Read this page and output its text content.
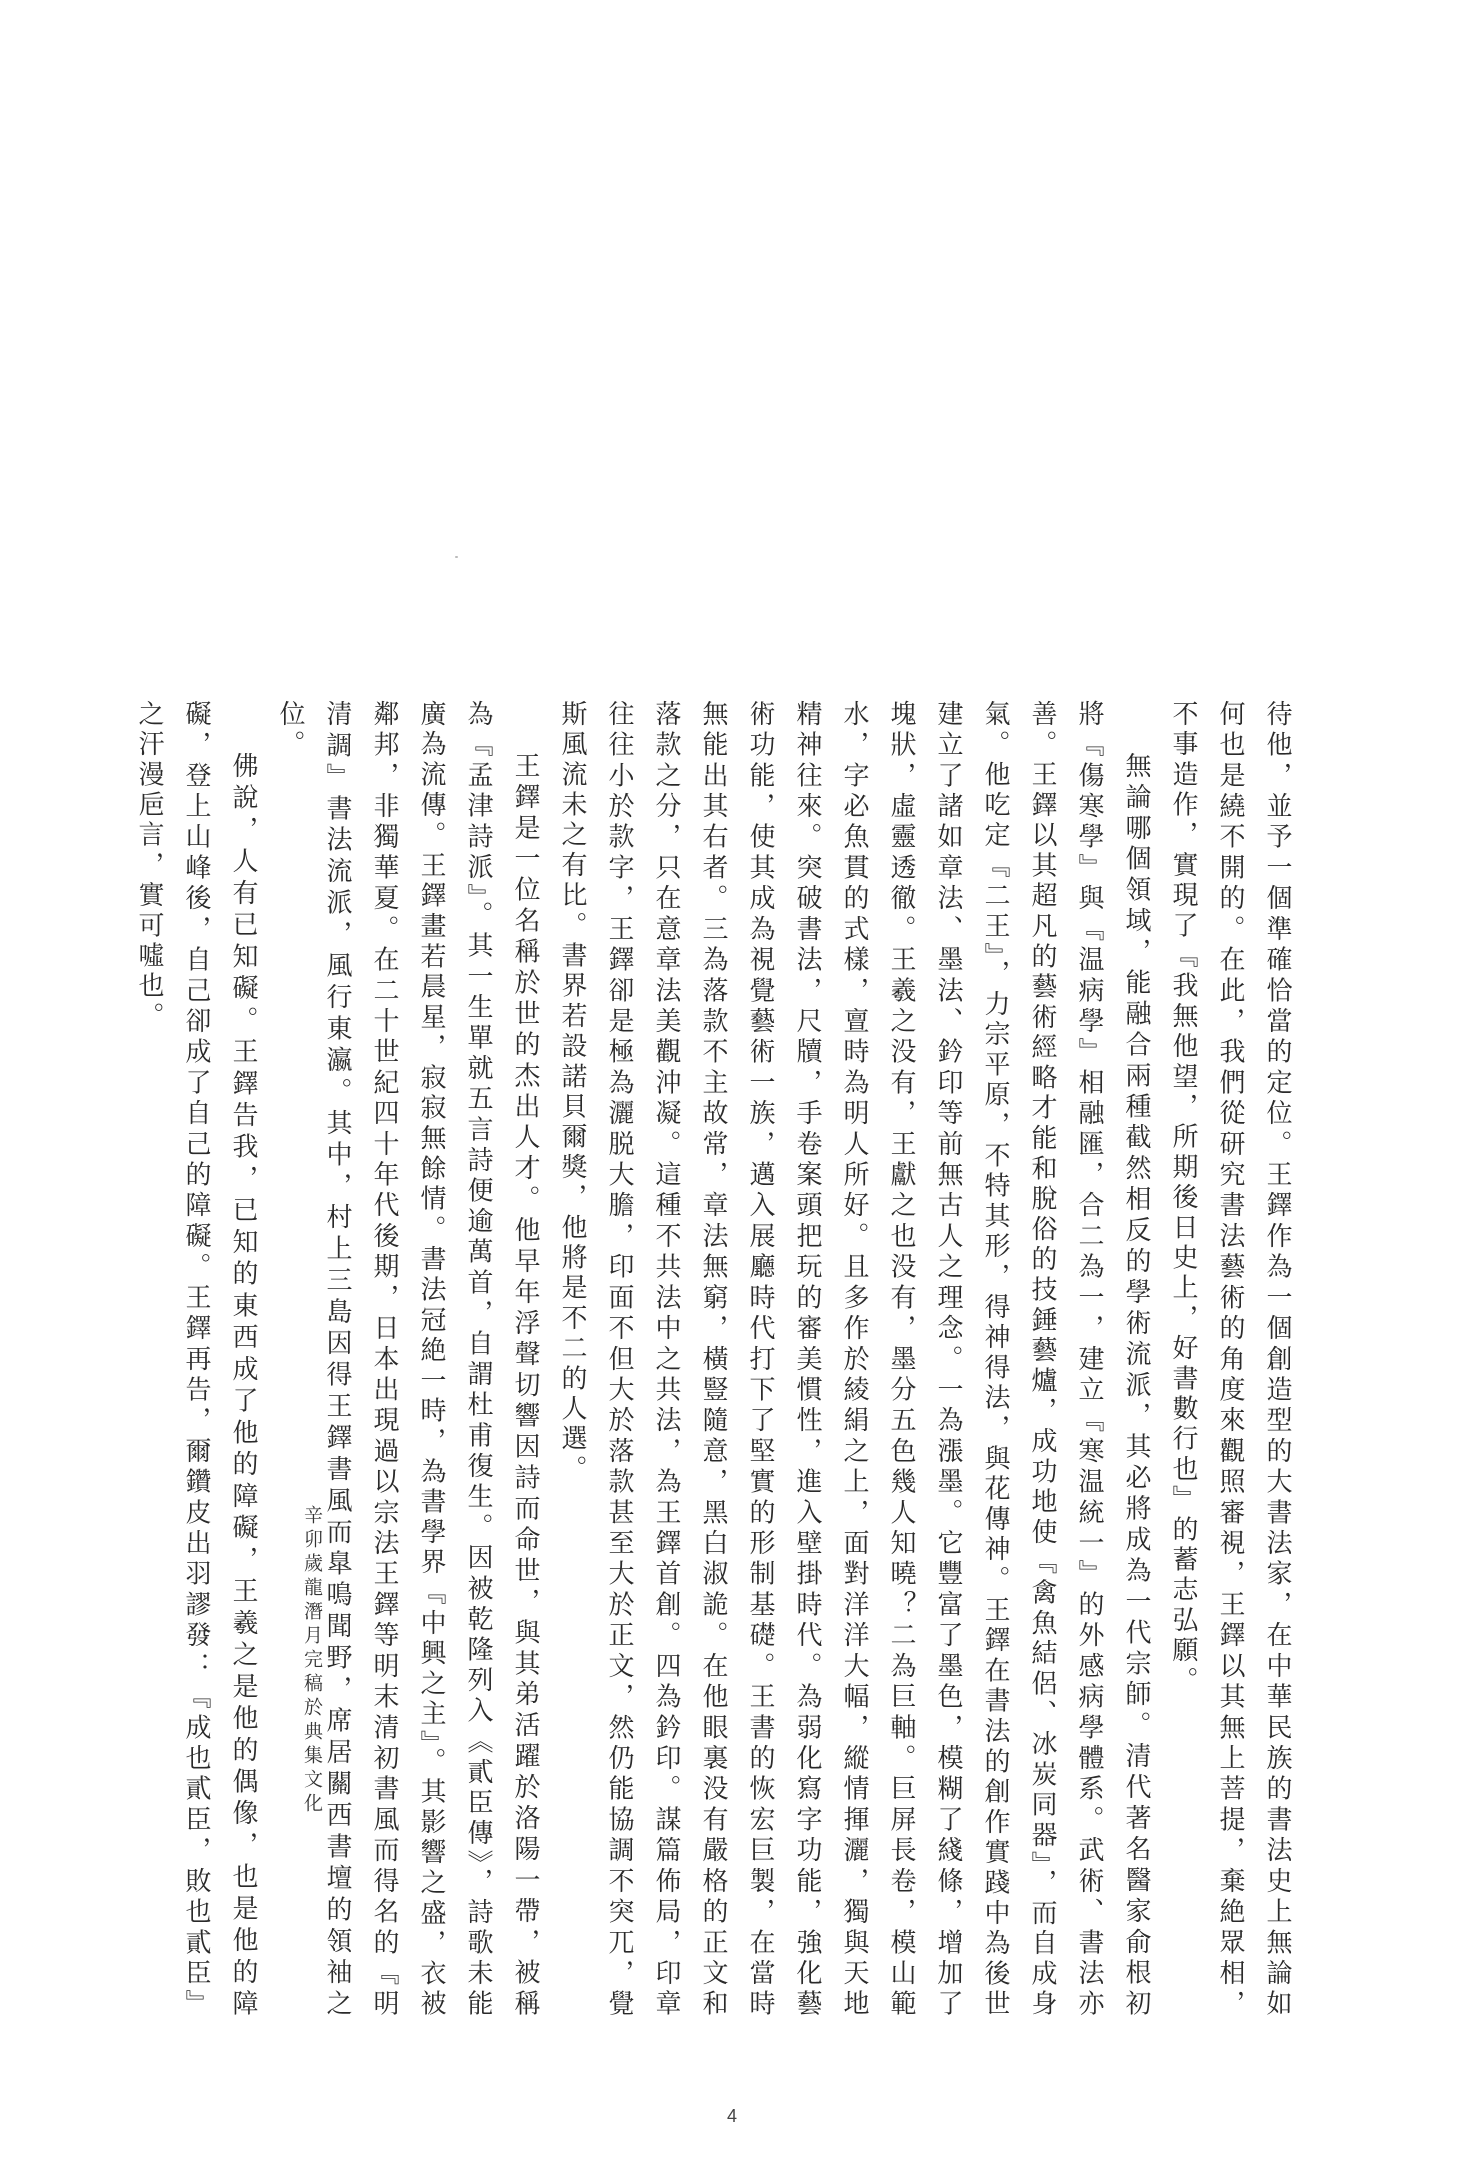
待他，並予一個準確恰當的定位。王鐸作為一個創造型的大書法家，在中華民族的書法史上無論如何也是繞不開的。在此，我們從研究書法藝術的角度來觀照審視，王鐸以其無上菩提，棄絶眾相，不事造作，實現了『我無他望，所期後日史上，好書數行也』的蓄志弘願。

無論哪個領域，能融合兩種截然相反的學術流派，其必將成為一代宗師。清代著名醫家俞根初將『傷寒學』與『温病學』相融匯，合二為一，建立『寒温統一』的外感病學體系。武術、書法亦善。王鐸以其超凡的藝術經略才能和脫俗的技錘藝爐，成功地使『禽魚結侶、冰炭同器』，而自成身氣。他吃定『二王』，力宗平原，不特其形，得神得法，與花傳神。王鐸在書法的創作實踐中為後世建立了諸如章法、墨法、鈐印等前無古人之理念。一為漲墨。它豐富了墨色，模糊了綫條，增加了塊狀，虛靈透徹。王羲之没有，王獻之也没有，墨分五色幾人知曉？二為巨軸。巨屏長卷，模山範水，字必魚貫的式樣，亶時為明人所好。且多作於綾絹之上，面對洋洋大幅，縱情揮灑，獨與天地精神往來。突破書法，尺牘，手卷案頭把玩的審美慣性，進入壁掛時代。為弱化寫字功能，強化藝術功能，使其成為視覺藝術一族，邁入展廳時代打下了堅實的形制基礎。王書的恢宏巨製，在當時無能出其右者。三為落款不主故常，章法無窮，橫豎隨意，黑白淑詭。在他眼裏没有嚴格的正文和落款之分，只在意章法美觀沖凝。這種不共法中之共法，為王鐸首創。四為鈐印。謀篇佈局，印章往往小於款字，王鐸卻是極為灑脱大膽，印面不但大於落款甚至大於正文，然仍能協調不突兀，覺斯風流未之有比。書界若設諾貝爾獎，他將是不二的人選。

王鐸是一位名稱於世的杰出人才。他早年浮聲切響因詩而命世，與其弟活躍於洛陽一帶，被稱為『孟津詩派』。其一生單就五言詩便逾萬首，自謂杜甫復生。因被乾隆列入《貳臣傳》，詩歌未能廣為流傳。王鐸畫若晨星，寂寂無餘情。書法冠絶一時，為書學界『中興之主』。其影響之盛，衣被鄰邦，非獨華夏。在二十世紀四十年代後期，日本出現過以宗法王鐸等明末清初書風而得名的『明清調』書法流派，風行東瀛。其中，村上三島因得王鐸書風而臯鳴聞野，席居關西書壇的領袖之位。

佛說，人有已知礙。王鐸告我，已知的東西成了他的障礙，王羲之是他的偶像，也是他的障礙，登上山峰後，自己卻成了自己的障礙。王鐸再告，爾鑽皮出羽謬發：『成也貳臣，敗也貳臣』之汗漫巵言，實可噓也。

辛卯歲龍潛月完稿於典集文化
4
